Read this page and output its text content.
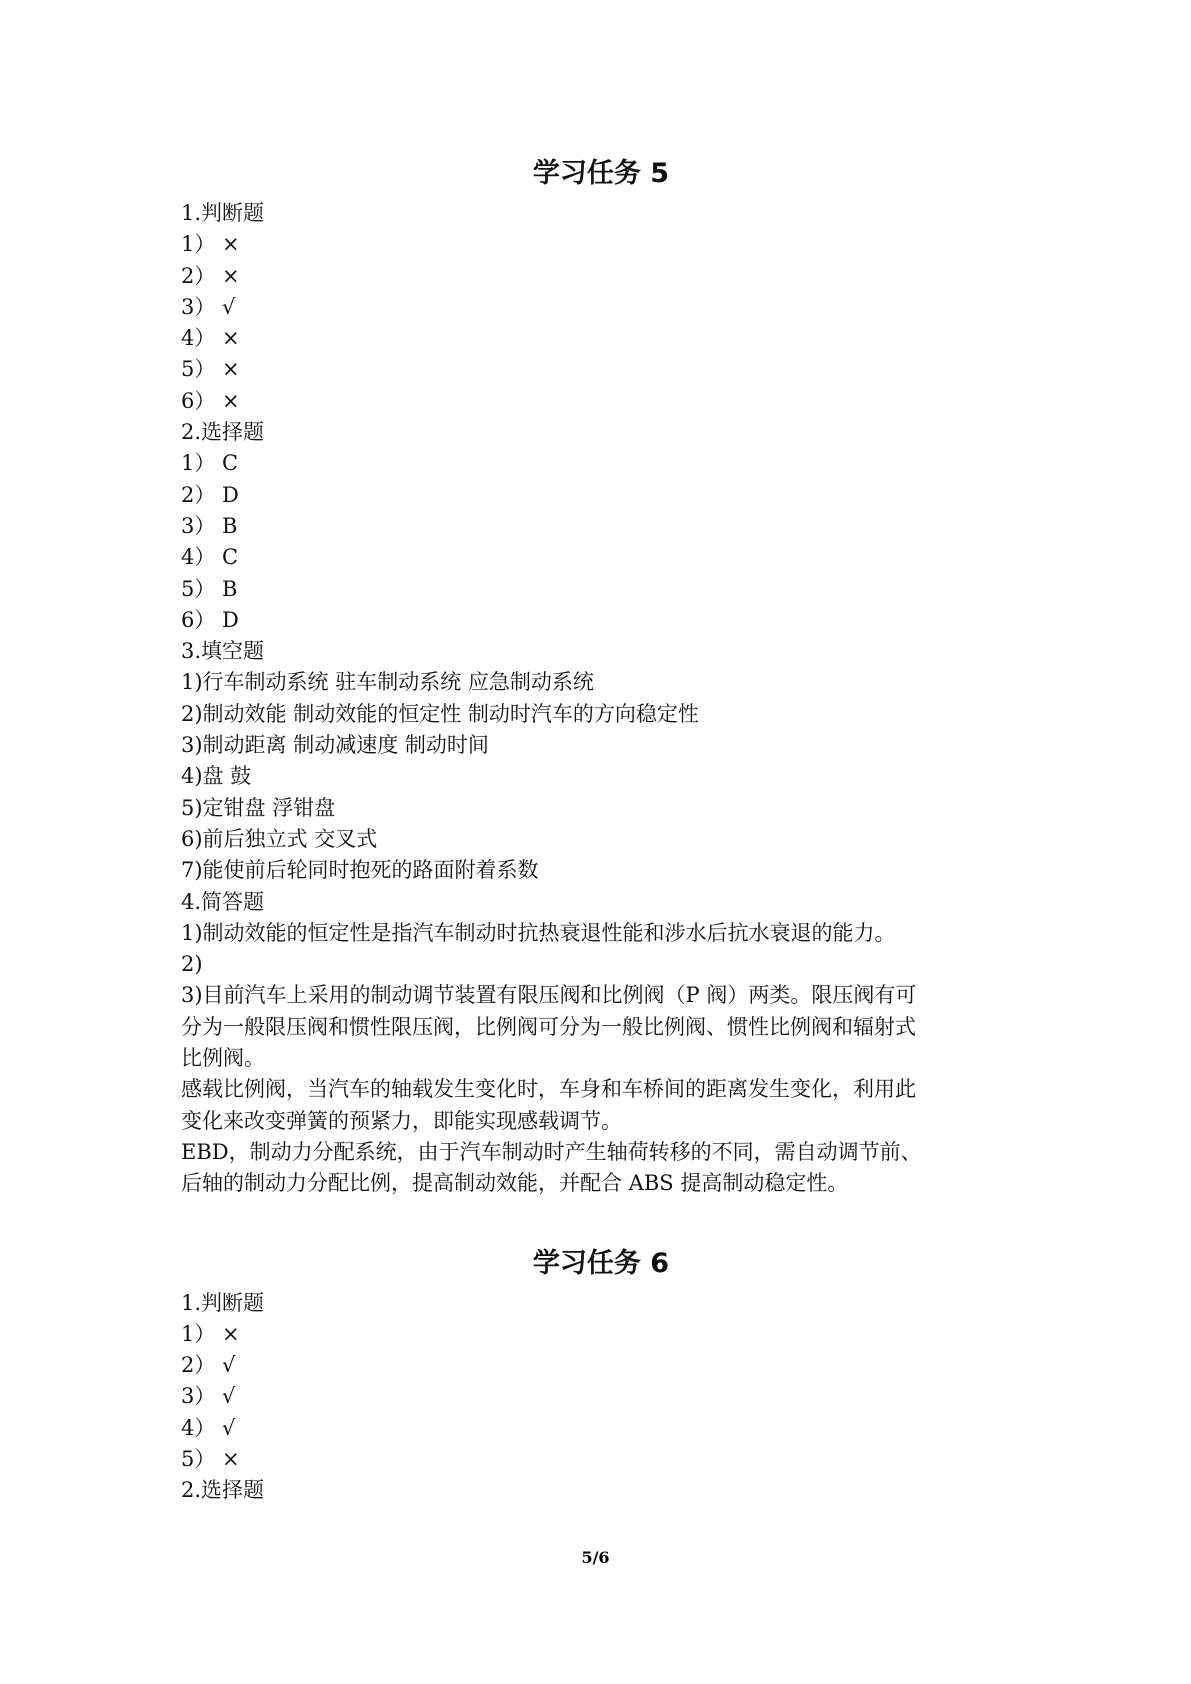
学习任务 5

1.判断题

1） ×

2） ×

3） √

4） ×

5） ×

6） ×

2.选择题

1） C

2） D

3） B

4） C

5） B

6） D

3.填空题

1)行车制动系统 驻车制动系统 应急制动系统

2)制动效能 制动效能的恒定性 制动时汽车的方向稳定性

3)制动距离 制动减速度 制动时间

4)盘 鼓

5)定钳盘 浮钳盘

6)前后独立式 交叉式

7)能使前后轮同时抱死的路面附着系数

4.简答题

1)制动效能的恒定性是指汽车制动时抗热衰退性能和涉水后抗水衰退的能力。

2)

3)目前汽车上采用的制动调节装置有限压阀和比例阀（P 阀）两类。限压阀有可

分为一般限压阀和惯性限压阀，比例阀可分为一般比例阀、惯性比例阀和辐射式

比例阀。

感载比例阀，当汽车的轴载发生变化时，车身和车桥间的距离发生变化，利用此

变化来改变弹簧的预紧力，即能实现感载调节。

EBD，制动力分配系统，由于汽车制动时产生轴荷转移的不同，需自动调节前、

后轴的制动力分配比例，提高制动效能，并配合 ABS 提高制动稳定性。

学习任务 6

1.判断题

1） ×

2） √

3） √

4） √

5） ×

2.选择题

5/6
